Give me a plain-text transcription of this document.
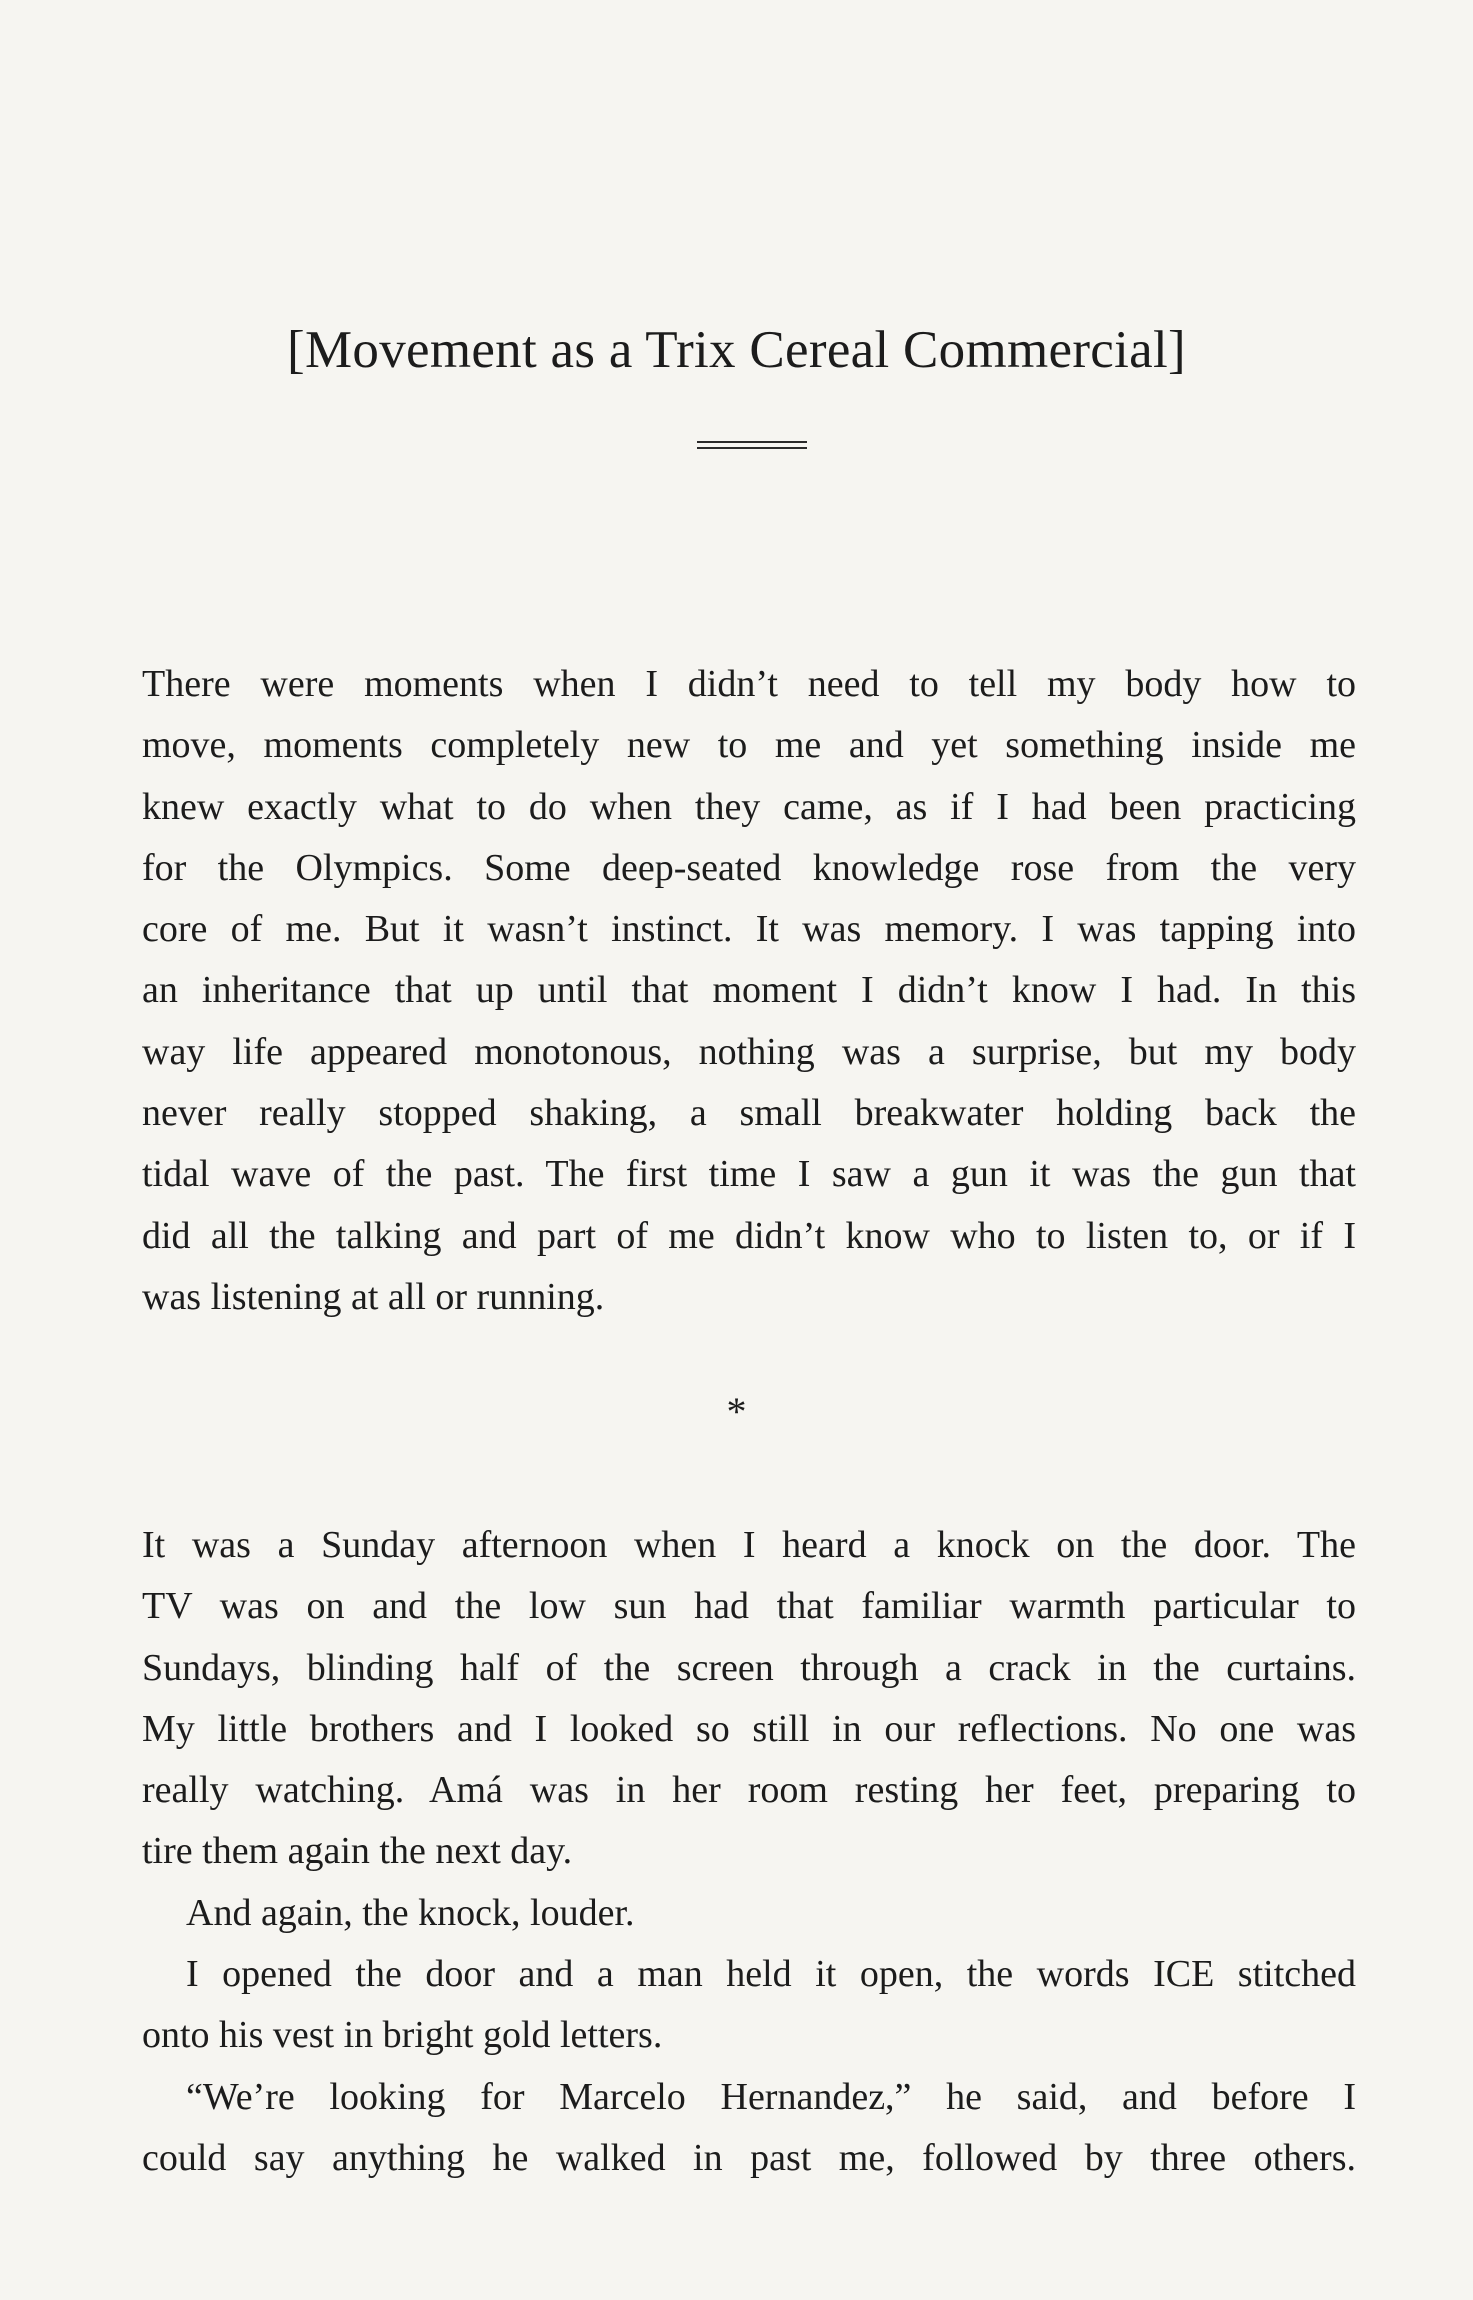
[Movement as a Trix Cereal Commercial]
There were moments when I didn’t need to tell my body how to
move, moments completely new to me and yet something inside me
knew exactly what to do when they came, as if I had been practicing
for the Olympics. Some deep-seated knowledge rose from the very
core of me. But it wasn’t instinct. It was memory. I was tapping into
an inheritance that up until that moment I didn’t know I had. In this
way life appeared monotonous, nothing was a surprise, but my body
never really stopped shaking, a small breakwater holding back the
tidal wave of the past. The first time I saw a gun it was the gun that
did all the talking and part of me didn’t know who to listen to, or if I
was listening at all or running.
*
It was a Sunday afternoon when I heard a knock on the door. The
TV was on and the low sun had that familiar warmth particular to
Sundays, blinding half of the screen through a crack in the curtains.
My little brothers and I looked so still in our reflections. No one was
really watching. Amá was in her room resting her feet, preparing to
tire them again the next day.
And again, the knock, louder.
I opened the door and a man held it open, the words ICE stitched
onto his vest in bright gold letters.
“We’re looking for Marcelo Hernandez,” he said, and before I
could say anything he walked in past me, followed by three others.
